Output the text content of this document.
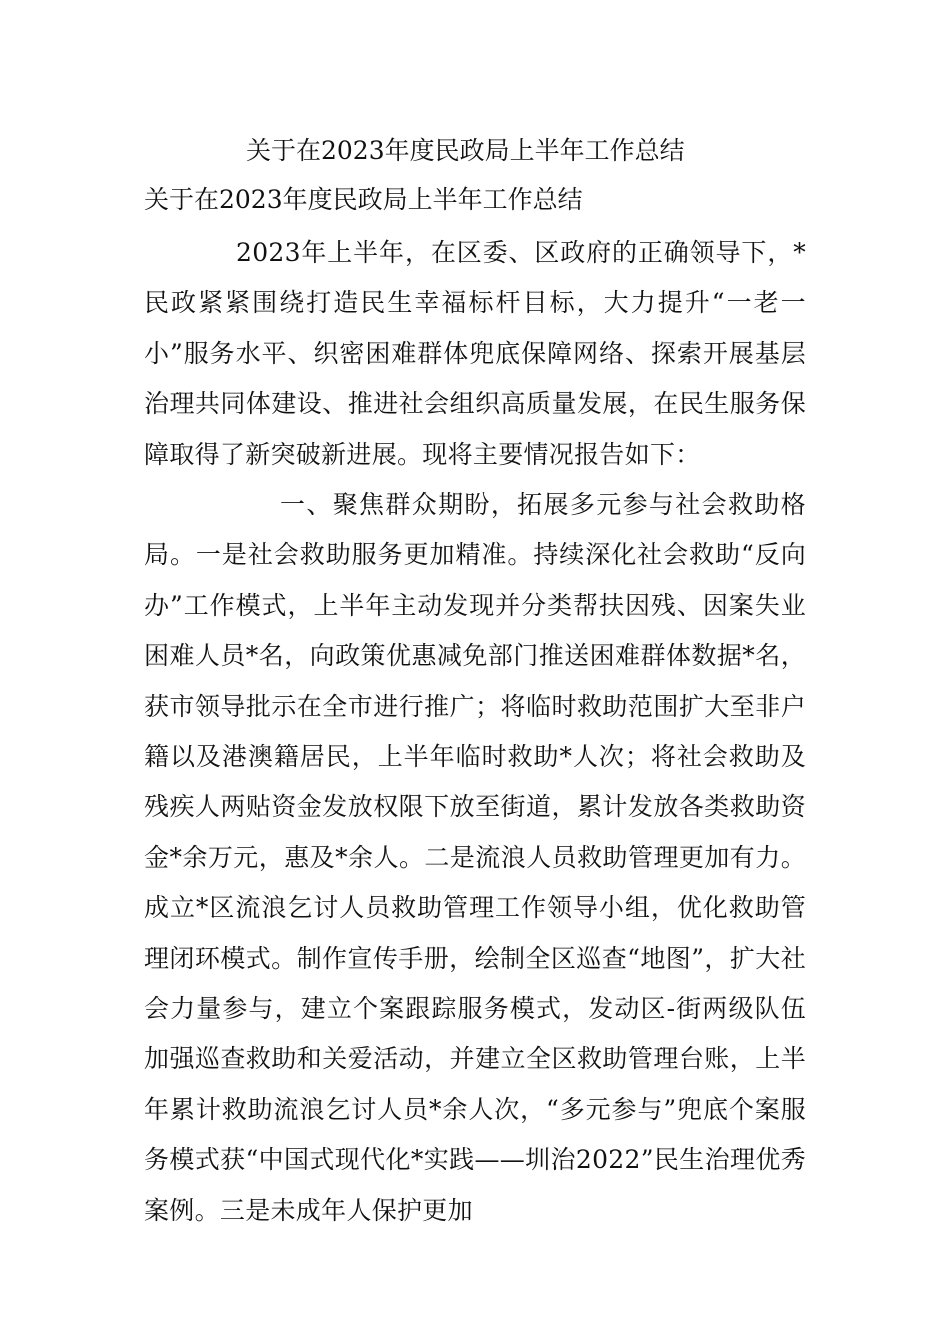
关于在2023年度民政局上半年工作总结
关于在2023年度民政局上半年工作总结

2023年上半年，在区委、区政府的正确领导下，*民政紧紧围绕打造民生幸福标杆目标，大力提升“一老一小”服务水平、织密困难群体兜底保障网络、探索开展基层治理共同体建设、推进社会组织高质量发展，在民生服务保障取得了新突破新进展。现将主要情况报告如下：

一、聚焦群众期盼，拓展多元参与社会救助格局。一是社会救助服务更加精准。持续深化社会救助“反向办”工作模式，上半年主动发现并分类帮扶因残、因案失业困难人员*名，向政策优惠减免部门推送困难群体数据*名，获市领导批示在全市进行推广；将临时救助范围扩大至非户籍以及港澳籍居民，上半年临时救助*人次；将社会救助及残疾人两贴资金发放权限下放至街道，累计发放各类救助资金*余万元，惠及*余人。二是流浪人员救助管理更加有力。成立*区流浪乞讨人员救助管理工作领导小组，优化救助管理闭环模式。制作宣传手册，绘制全区巡查“地图”，扩大社会力量参与，建立个案跟踪服务模式，发动区-街两级队伍加强巡查救助和关爱活动，并建立全区救助管理台账，上半年累计救助流浪乞讨人员*余人次，“多元参与”兜底个案服务模式获“中国式现代化*实践——圳治2022”民生治理优秀案例。三是未成年人保护更加
